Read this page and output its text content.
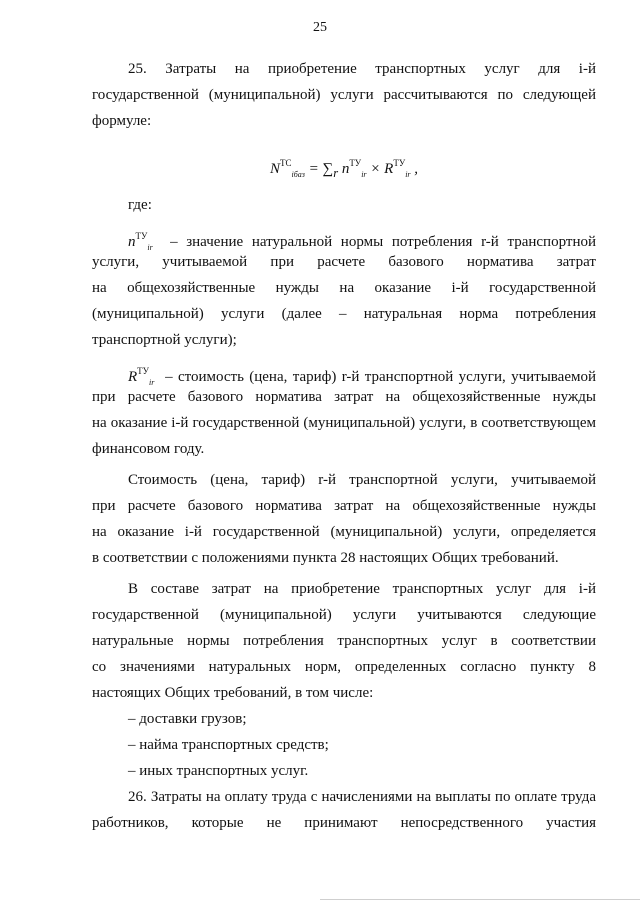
25
25. Затраты на приобретение транспортных услуг для i-й
государственной (муниципальной) услуги рассчитываются по следующей
формуле:
$N^{ТС}_{iбаз} = \sum_r$ $n^{ТУ}_{ir} \times R^{ТУ}_{ir}$ ,
где:
$n^{ТУ}_{ir}$ – значение натуральной нормы потребления r-й транспортной
услуги, учитываемой при расчете базового норматива затрат
на общехозяйственные нужды на оказание i-й государственной
(муниципальной) услуги (далее – натуральная норма потребления
транспортной услуги);
$R^{ТУ}_{ir}$ – стоимость (цена, тариф) r-й транспортной услуги, учитываемой
при расчете базового норматива затрат на общехозяйственные нужды
на оказание i-й государственной (муниципальной) услуги, в соответствующем
финансовом году.
Стоимость (цена, тариф) r-й транспортной услуги, учитываемой
при расчете базового норматива затрат на общехозяйственные нужды
на оказание i-й государственной (муниципальной) услуги, определяется
в соответствии с положениями пункта 28 настоящих Общих требований.
В составе затрат на приобретение транспортных услуг для i-й
государственной (муниципальной) услуги учитываются следующие
натуральные нормы потребления транспортных услуг в соответствии
со значениями натуральных норм, определенных согласно пункту 8
настоящих Общих требований, в том числе:
– доставки грузов;
– найма транспортных средств;
– иных транспортных услуг.
26. Затраты на оплату труда с начислениями на выплаты по оплате труда
работников, которые не принимают непосредственного участия
